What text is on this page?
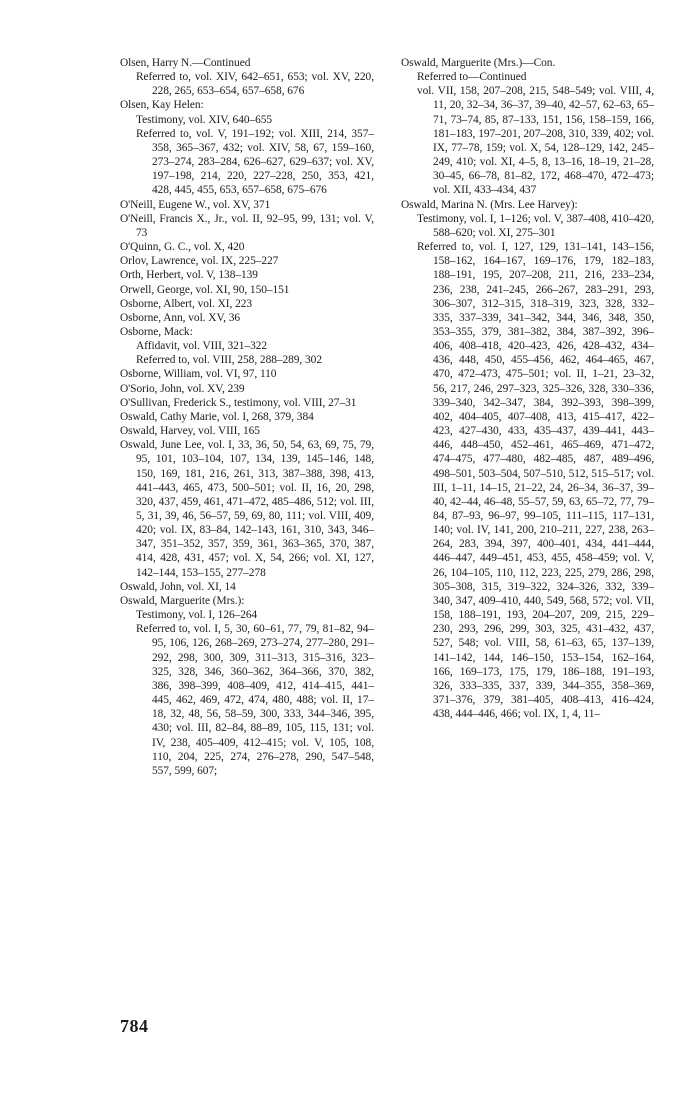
Olsen, Harry N.—Continued

Referred to, vol. XIV, 642–651, 653; vol. XV, 220, 228, 265, 653–654, 657–658, 676

Olsen, Kay Helen:

Testimony, vol. XIV, 640–655

Referred to, vol. V, 191–192; vol. XIII, 214, 357–358, 365–367, 432; vol. XIV, 58, 67, 159–160, 273–274, 283–284, 626–627, 629–637; vol. XV, 197–198, 214, 220, 227–228, 250, 353, 421, 428, 445, 455, 653, 657–658, 675–676

O'Neill, Eugene W., vol. XV, 371

O'Neill, Francis X., Jr., vol. II, 92–95, 99, 131; vol. V, 73

O'Quinn, G. C., vol. X, 420

Orlov, Lawrence, vol. IX, 225–227

Orth, Herbert, vol. V, 138–139

Orwell, George, vol. XI, 90, 150–151

Osborne, Albert, vol. XI, 223

Osborne, Ann, vol. XV, 36

Osborne, Mack:

Affidavit, vol. VIII, 321–322

Referred to, vol. VIII, 258, 288–289, 302

Osborne, William, vol. VI, 97, 110

O'Sorio, John, vol. XV, 239

O'Sullivan, Frederick S., testimony, vol. VIII, 27–31

Oswald, Cathy Marie, vol. I, 268, 379, 384

Oswald, Harvey, vol. VIII, 165

Oswald, June Lee, vol. I, 33, 36, 50, 54, 63, 69, 75, 79, 95, 101, 103–104, 107, 134, 139, 145–146, 148, 150, 169, 181, 216, 261, 313, 387–388, 398, 413, 441–443, 465, 473, 500–501; vol. II, 16, 20, 298, 320, 437, 459, 461, 471–472, 485–486, 512; vol. III, 5, 31, 39, 46, 56–57, 59, 69, 80, 111; vol. VIII, 409, 420; vol. IX, 83–84, 142–143, 161, 310, 343, 346–347, 351–352, 357, 359, 361, 363–365, 370, 387, 414, 428, 431, 457; vol. X, 54, 266; vol. XI, 127, 142–144, 153–155, 277–278

Oswald, John, vol. XI, 14

Oswald, Marguerite (Mrs.):

Testimony, vol. I, 126–264

Referred to, vol. I, 5, 30, 60–61, 77, 79, 81–82, 94–95, 106, 126, 268–269, 273–274, 277–280, 291–292, 298, 300, 309, 311–313, 315–316, 323–325, 328, 346, 360–362, 364–366, 370, 382, 386, 398–399, 408–409, 412, 414–415, 441–445, 462, 469, 472, 474, 480, 488; vol. II, 17–18, 32, 48, 56, 58–59, 300, 333, 344–346, 395, 430; vol. III, 82–84, 88–89, 105, 115, 131; vol. IV, 238, 405–409, 412–415; vol. V, 105, 108, 110, 204, 225, 274, 276–278, 290, 547–548, 557, 599, 607;

Oswald, Marguerite (Mrs.)—Con.

Referred to—Continued

vol. VII, 158, 207–208, 215, 548–549; vol. VIII, 4, 11, 20, 32–34, 36–37, 39–40, 42–57, 62–63, 65–71, 73–74, 85, 87–133, 151, 156, 158–159, 166, 181–183, 197–201, 207–208, 310, 339, 402; vol. IX, 77–78, 159; vol. X, 54, 128–129, 142, 245–249, 410; vol. XI, 4–5, 8, 13–16, 18–19, 21–28, 30–45, 66–78, 81–82, 172, 468–470, 472–473; vol. XII, 433–434, 437

Oswald, Marina N. (Mrs. Lee Harvey):

Testimony, vol. I, 1–126; vol. V, 387–408, 410–420, 588–620; vol. XI, 275–301

Referred to, vol. I, 127, 129, 131–141, 143–156, 158–162, 164–167, 169–176, 179, 182–183, 188–191, 195, 207–208, 211, 216, 233–234, 236, 238, 241–245, 266–267, 283–291, 293, 306–307, 312–315, 318–319, 323, 328, 332–335, 337–339, 341–342, 344, 346, 348, 350, 353–355, 379, 381–382, 384, 387–392, 396–406, 408–418, 420–423, 426, 428–432, 434–436, 448, 450, 455–456, 462, 464–465, 467, 470, 472–473, 475–501; vol. II, 1–21, 23–32, 56, 217, 246, 297–323, 325–326, 328, 330–336, 339–340, 342–347, 384, 392–393, 398–399, 402, 404–405, 407–408, 413, 415–417, 422–423, 427–430, 433, 435–437, 439–441, 443–446, 448–450, 452–461, 465–469, 471–472, 474–475, 477–480, 482–485, 487, 489–496, 498–501, 503–504, 507–510, 512, 515–517; vol. III, 1–11, 14–15, 21–22, 24, 26–34, 36–37, 39–40, 42–44, 46–48, 55–57, 59, 63, 65–72, 77, 79–84, 87–93, 96–97, 99–105, 111–115, 117–131, 140; vol. IV, 141, 200, 210–211, 227, 238, 263–264, 283, 394, 397, 400–401, 434, 441–444, 446–447, 449–451, 453, 455, 458–459; vol. V, 26, 104–105, 110, 112, 223, 225, 279, 286, 298, 305–308, 315, 319–322, 324–326, 332, 339–340, 347, 409–410, 440, 549, 568, 572; vol. VII, 158, 188–191, 193, 204–207, 209, 215, 229–230, 293, 296, 299, 303, 325, 431–432, 437, 527, 548; vol. VIII, 58, 61–63, 65, 137–139, 141–142, 144, 146–150, 153–154, 162–164, 166, 169–173, 175, 179, 186–188, 191–193, 326, 333–335, 337, 339, 344–355, 358–369, 371–376, 379, 381–405, 408–413, 416–424, 438, 444–446, 466; vol. IX, 1, 4, 11–

784
